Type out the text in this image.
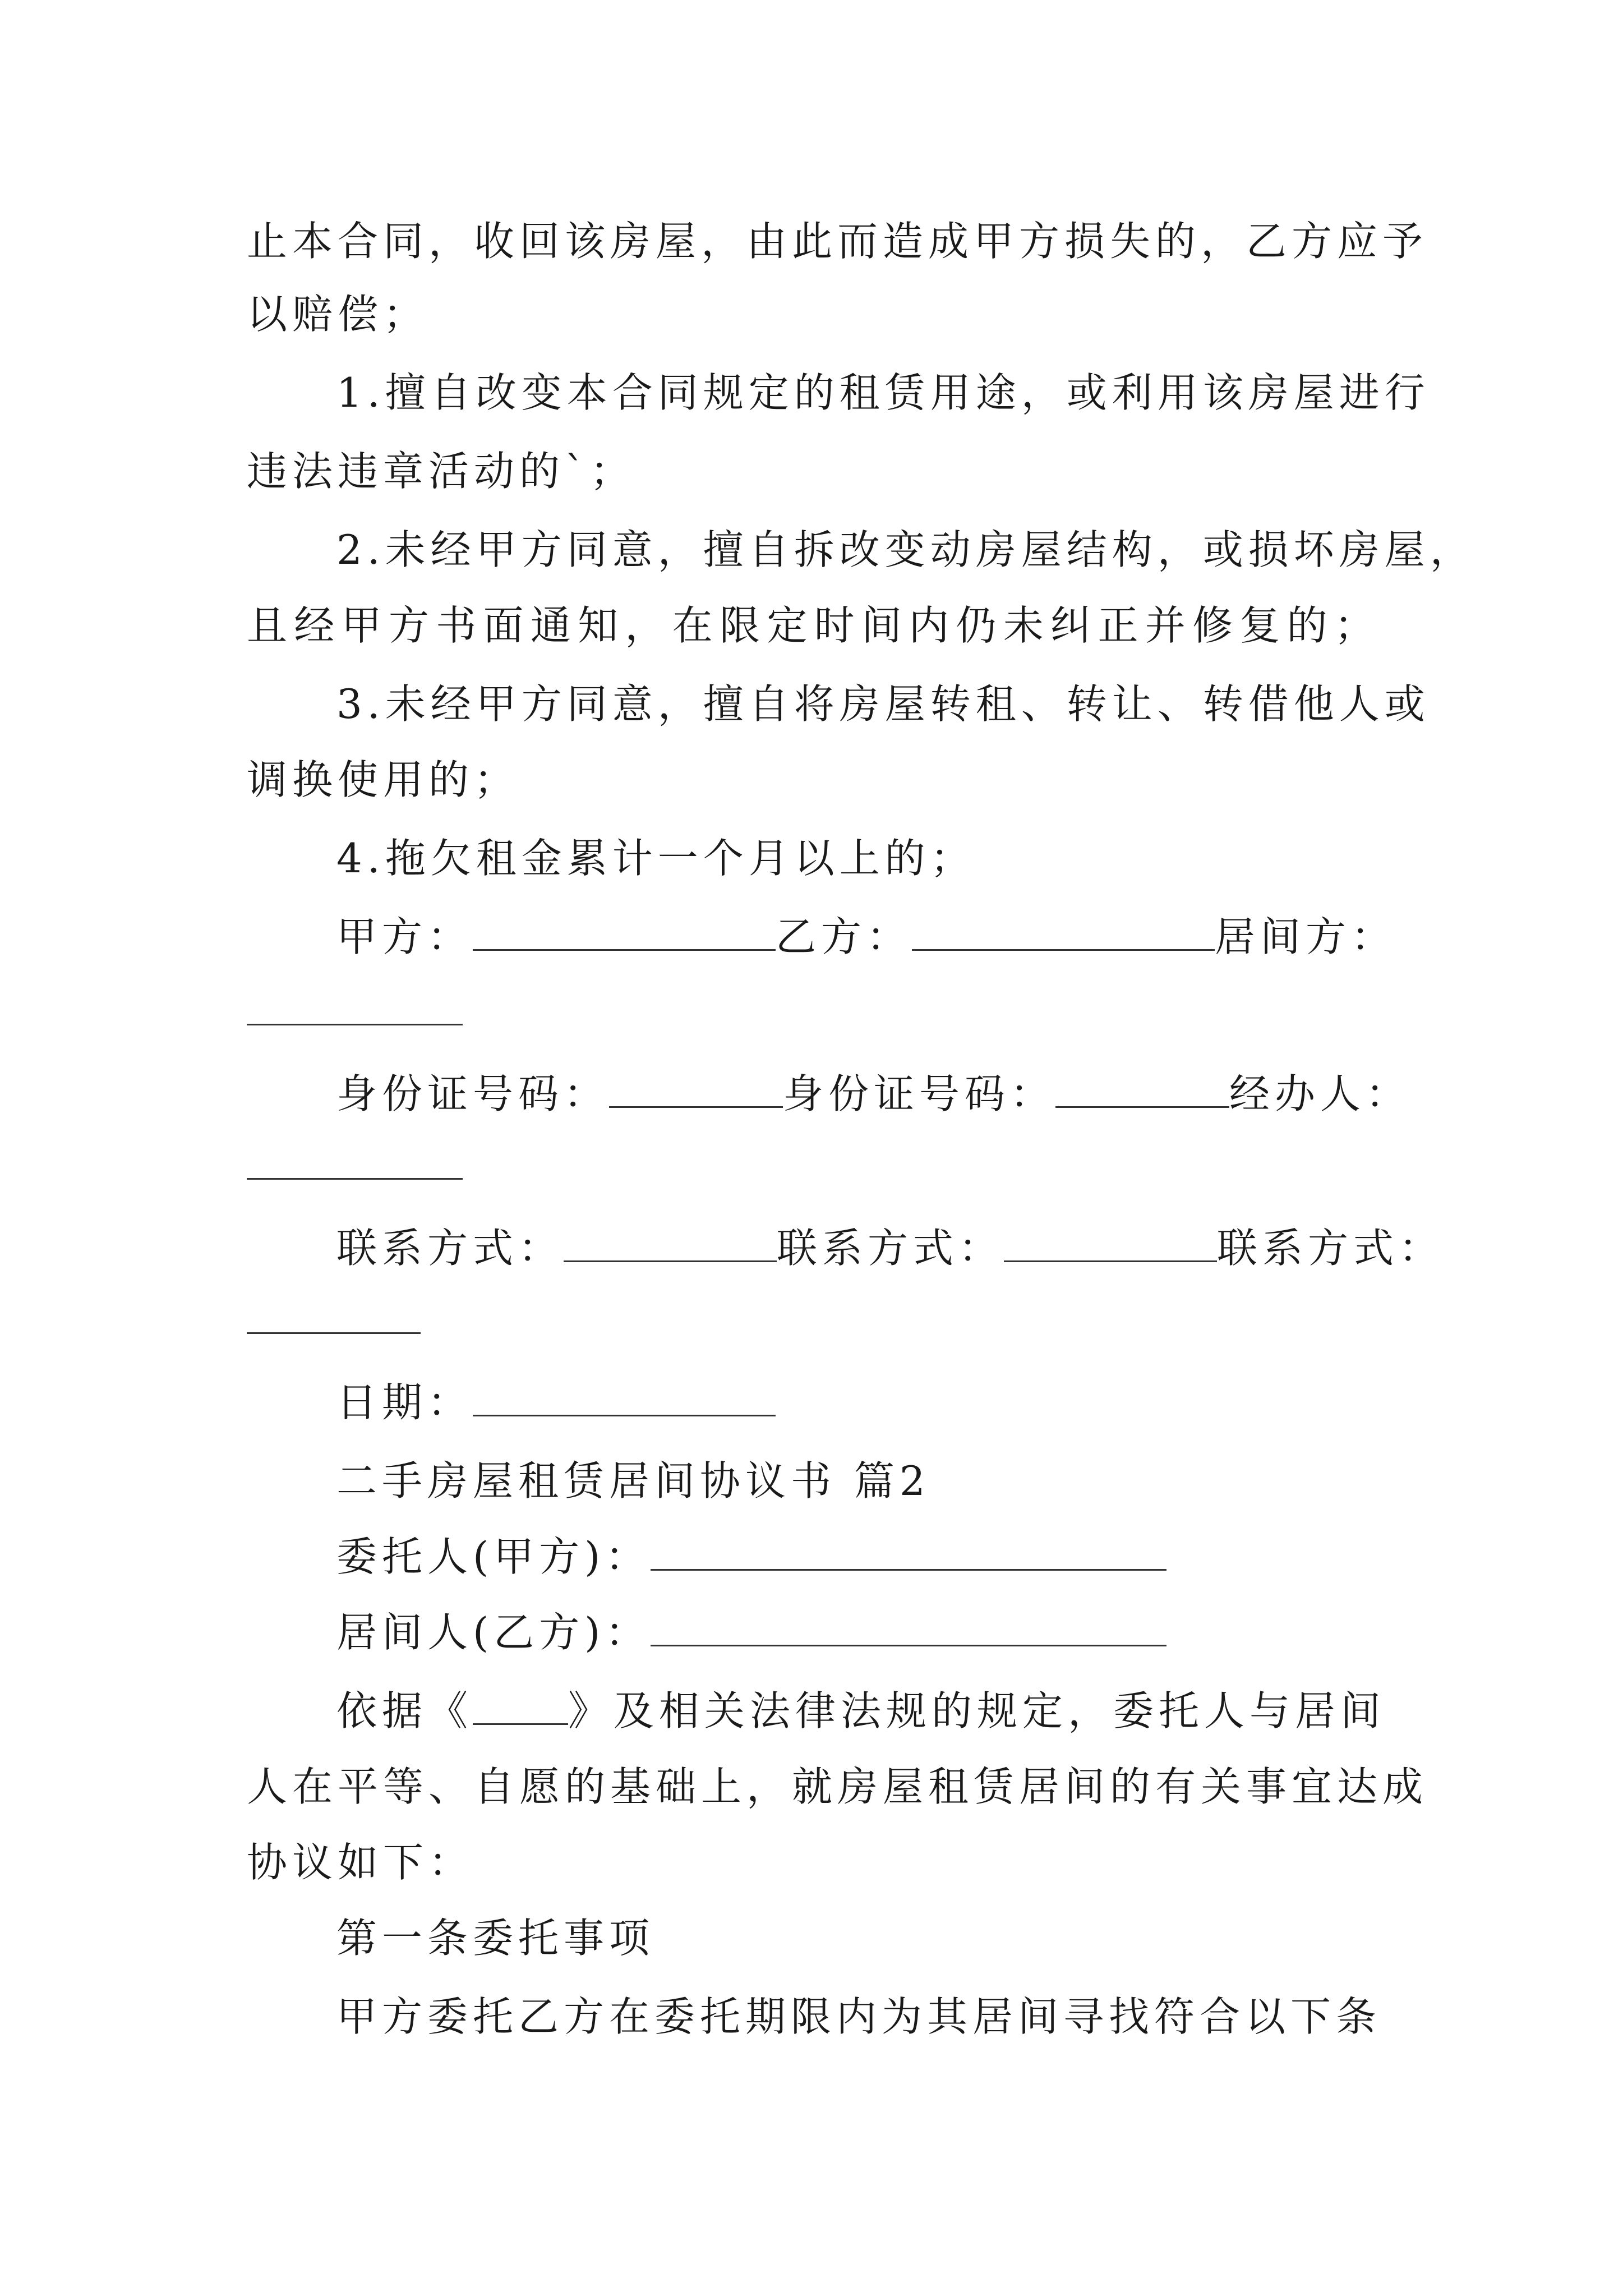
止本合同，收回该房屋，由此而造成甲方损失的，乙方应予
以赔偿；
1.擅自改变本合同规定的租赁用途，或利用该房屋进行
违法违章活动的`；
2.未经甲方同意，擅自拆改变动房屋结构，或损坏房屋，
且经甲方书面通知，在限定时间内仍未纠正并修复的；
3.未经甲方同意，擅自将房屋转租、转让、转借他人或
调换使用的；
4.拖欠租金累计一个月以上的；
甲方：	乙方：	居间方：
身份证号码：	身份证号码：	经办人：
联系方式：	联系方式：	联系方式：
日期：
二手房屋租赁居间协议书 篇2
委托人(甲方)：
居间人(乙方)：
依据《 》及相关法律法规的规定，委托人与居间
人在平等、自愿的基础上，就房屋租赁居间的有关事宜达成
协议如下：
第一条委托事项
甲方委托乙方在委托期限内为其居间寻找符合以下条
